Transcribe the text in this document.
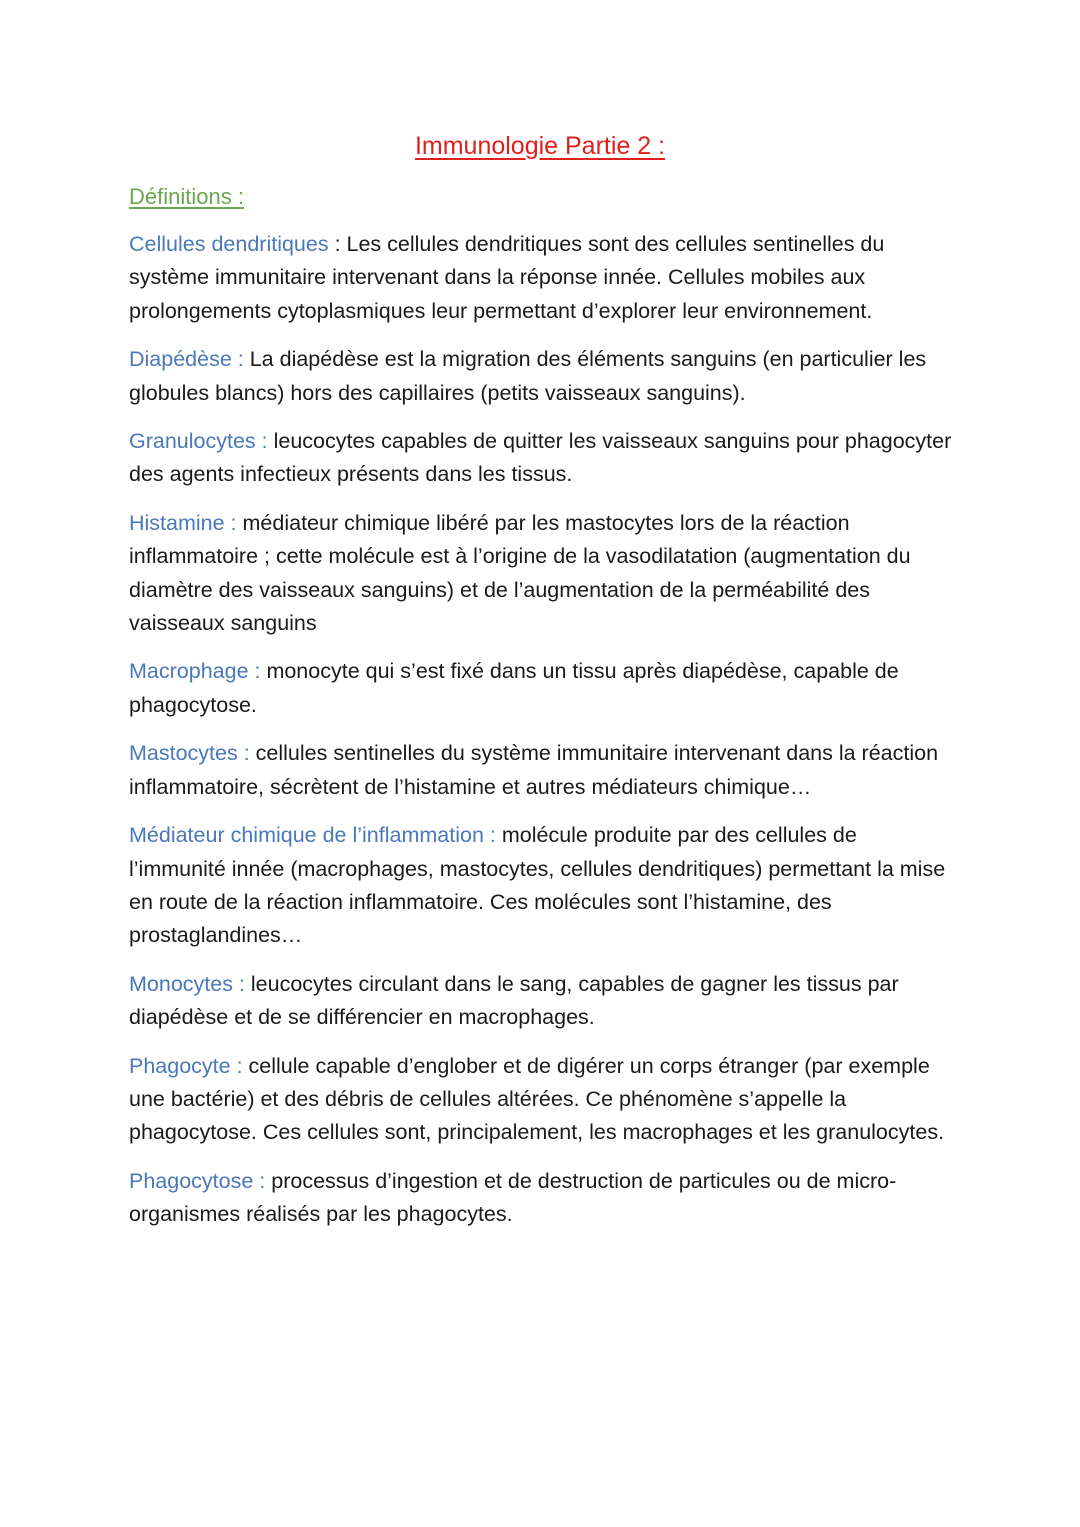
Immunologie Partie 2 :
Définitions :

Cellules dendritiques : Les cellules dendritiques sont des cellules sentinelles du système immunitaire intervenant dans la réponse innée. Cellules mobiles aux prolongements cytoplasmiques leur permettant d’explorer leur environnement.

Diapédèse : La diapédèse est la migration des éléments sanguins (en particulier les globules blancs) hors des capillaires (petits vaisseaux sanguins).

Granulocytes : leucocytes capables de quitter les vaisseaux sanguins pour phagocyter des agents infectieux présents dans les tissus.

Histamine : médiateur chimique libéré par les mastocytes lors de la réaction inflammatoire ; cette molécule est à l’origine de la vasodilatation (augmentation du diamètre des vaisseaux sanguins) et de l’augmentation de la perméabilité des vaisseaux sanguins

Macrophage : monocyte qui s’est fixé dans un tissu après diapédèse, capable de phagocytose.

Mastocytes : cellules sentinelles du système immunitaire intervenant dans la réaction inflammatoire, sécrètent de l’histamine et autres médiateurs chimique…

Médiateur chimique de l’inflammation : molécule produite par des cellules de l’immunité innée (macrophages, mastocytes, cellules dendritiques) permettant la mise en route de la réaction inflammatoire. Ces molécules sont l’histamine, des prostaglandines…

Monocytes : leucocytes circulant dans le sang, capables de gagner les tissus par diapédèse et de se différencier en macrophages.

Phagocyte : cellule capable d’englober et de digérer un corps étranger (par exemple une bactérie) et des débris de cellules altérées. Ce phénomène s’appelle la phagocytose. Ces cellules sont, principalement, les macrophages et les granulocytes.

Phagocytose : processus d’ingestion et de destruction de particules ou de micro-organismes réalisés par les phagocytes.
